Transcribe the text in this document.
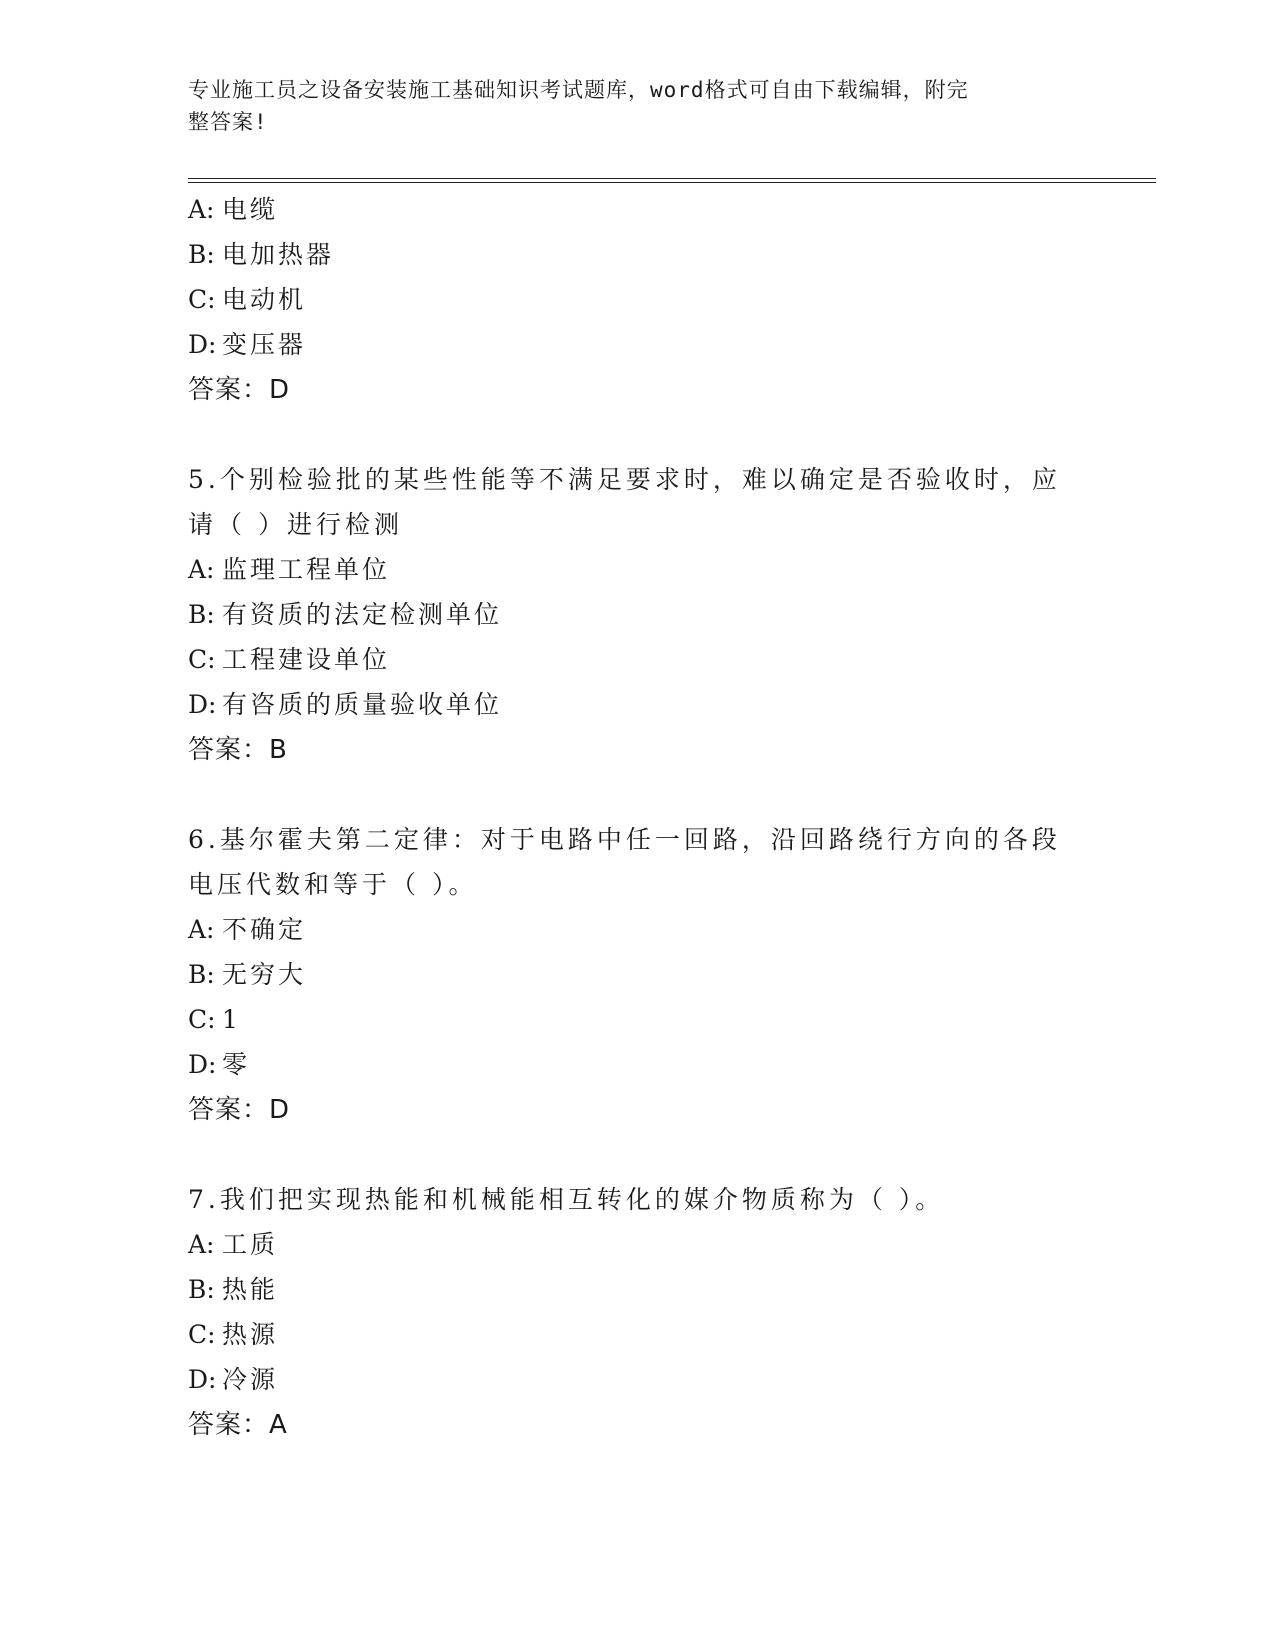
专业施工员之设备安装施工基础知识考试题库，word格式可自由下载编辑，附完
整答案!
A: 电缆
B: 电加热器
C: 电动机
D: 变压器
答案：D
5.个别检验批的某些性能等不满足要求时，难以确定是否验收时，应
请（ ）进行检测
A: 监理工程单位
B: 有资质的法定检测单位
C: 工程建设单位
D: 有咨质的质量验收单位
答案：B
6.基尔霍夫第二定律：对于电路中任一回路，沿回路绕行方向的各段
电压代数和等于（ ）。
A: 不确定
B: 无穷大
C: 1
D: 零
答案：D
7.我们把实现热能和机械能相互转化的媒介物质称为（ ）。
A: 工质
B: 热能
C: 热源
D: 冷源
答案：A
